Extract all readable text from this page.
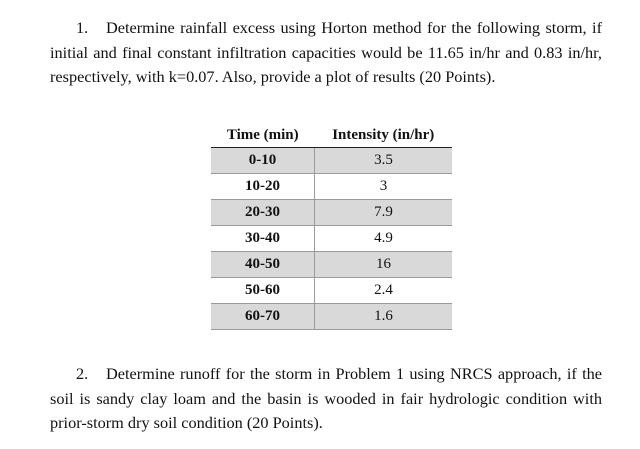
1. Determine rainfall excess using Horton method for the following storm, if initial and final constant infiltration capacities would be 11.65 in/hr and 0.83 in/hr, respectively, with k=0.07. Also, provide a plot of results (20 Points).

Time (min)	Intensity (in/hr)
0-10	3.5
10-20	3
20-30	7.9
30-40	4.9
40-50	16
50-60	2.4
60-70	1.6

2. Determine runoff for the storm in Problem 1 using NRCS approach, if the soil is sandy clay loam and the basin is wooded in fair hydrologic condition with prior-storm dry soil condition (20 Points).
